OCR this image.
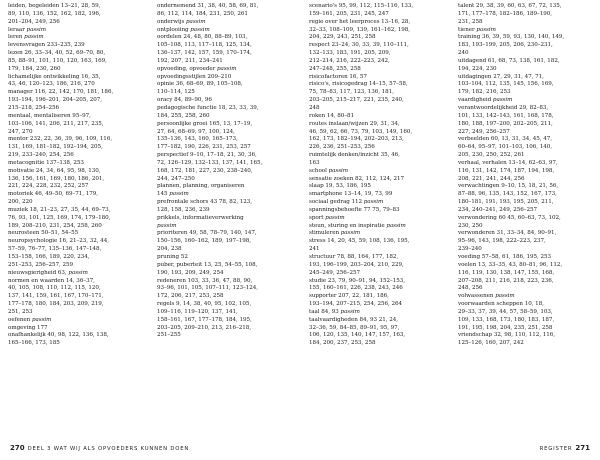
leiden, begeleiden 13–21, 28, 59,
89, 110, 136, 152, 162, 182, 196,
201–204, 249, 256
leraar passim
leren passim
levensvragen 233–235, 239
lezen 26, 33–34, 40, 52, 69–70, 80,
85, 88–91, 101, 110, 120, 163, 169,
179, 184, 230, 260
lichamelijke ontwikkeling 16, 35,
43, 46, 120–123, 186, 216, 270
manager 116, 22, 142, 170, 181, 186,
193–194, 196–201, 204–205, 207,
215–218, 254–256
mentaal, mentaliseren 95–97,
103–106, 141, 206, 211, 217, 235,
247, 270
mentor 232, 22, 36, 39, 96, 109, 116,
131, 169, 181–182, 192–194, 205,
219, 233–240, 254, 256
metacognitie 137–138, 253
motivatie 24, 34, 64, 95, 98, 130,
136, 156, 161, 169, 180, 186, 201,
221, 224, 228, 232, 252, 257
motoriek 46, 49–50, 69–71, 179,
200, 220
muziek 18, 21–23, 27, 35, 44, 69–73,
76, 93, 101, 125, 169, 174, 179–180,
189, 208–210, 231, 254, 258, 260
neurosteen 50–51, 54–55
neuropsychologie 16, 21–23, 32, 44,
57–59, 76–77, 135–136, 147–148,
153–158, 166, 189, 220, 234,
251–253, 256–257, 259
nieuwsgierigheid 63, passim
normen en waarden 14, 36–37,
40, 105, 108, 110, 112, 115, 120,
137, 141, 159, 161, 167, 170–171,
177–178, 180, 184, 203, 209, 219,
251, 253
oefenen passim
omgeving 177
onafhankelijk 40, 98, 122, 136, 138,
165–166, 173, 185
ondernemend 31, 38, 40, 58, 69, 81,
86, 112, 114, 184, 231, 250, 261
onderwijs passim
ontplooiing passim
oordelen 24, 48, 80, 88–89, 103,
105–108, 113, 117–118, 125, 134,
136–137, 142, 157, 159, 170–174,
192, 207, 211, 234–241
opvoeding, opvoeder passim
opvoedingsstijlen 209–210
opinie 36, 68–69, 89, 105–108,
110–114, 125
oracy 84, 89–90, 96
pedagogische functie 18, 23, 33, 39,
184, 255, 258, 260
persoonlijke groei 165, 13, 17–19,
27, 64, 68–69, 97, 100, 124,
135–136, 143, 160, 165–173,
177–182, 190, 226, 231, 253, 257
perspectief 9–10, 17–18, 21, 30, 36,
72, 126–129, 132–133, 137, 141, 165,
168, 172, 181, 227, 230, 238–240,
244, 247–250
plannen, planning, organiseren
145 passim
prefrontale schors 43 78, 82, 123,
128, 158, 236, 239
prikkels, informatieverwerking
passim
prioriteren 49, 58, 78–79, 140, 147,
150–156, 160–162, 189, 197–198,
204, 238
pruning 52
puber, puberteit 13, 25, 54–55, 108,
190, 193, 209, 249, 254
redeneren 103, 33, 36, 47, 88, 90,
93–96, 101, 105, 107–111, 123–124,
172, 206, 217, 253, 258
regels 9, 14, 38, 40, 95, 102, 105,
109–116, 119–120, 137, 141,
158–161, 167, 177–178, 184, 195,
203–205, 209–210, 213, 216–218,
251–255
scenario's 95, 99, 112, 115–116, 133,
159–161, 205, 231, 245, 247
regie over het leerproces 13–16, 28,
32–33, 108–109, 139, 161–162, 198,
204, 229, 243, 251, 258
respect 23–24, 30, 33, 39, 110–111,
132–133, 183, 191, 205, 209,
212–214, 216, 222–223, 242,
247–248, 255, 258
risicofactoren 16, 57
risico's, risicogedrag 14–15, 57–58,
75, 78–83, 117, 123, 136, 181,
203–205, 215–217, 221, 235, 240,
248
roken 14, 80–81
routes inslaan/wijzen 29, 31, 34,
46, 59, 62, 66, 73, 79, 103, 149, 160,
162, 173, 182–194, 202–203, 213,
226, 236, 251–253, 256
ruimtelijk denken/inzicht 35, 46,
163
school passim
sensatie zoeken 82, 112, 124, 217
slaap 19, 53, 186, 195
smartphone 13–14, 19, 73, 99
sociaal gedrag 112 passim
spanningsbehoefte 77 75, 79–83
sport passim
steun, sturing en inspiratie passim
stimuleren passim
stress 14, 20, 45, 59, 108, 136, 195,
241
structuur 78, 88, 164, 177, 182,
193, 196–199, 203–204, 210, 229,
245–249, 256–257
studie 23, 79, 90–91, 94, 152–153,
155, 160–161, 226, 238, 243, 246
supporter 207, 22, 181, 186,
193–194, 207–215, 254, 256, 264
taal 84, 93 passim
taalvaardigheden 84, 93 21, 24,
32–36, 59, 84–85, 89–91, 95, 97,
106, 120, 135, 140, 147, 157, 163,
184, 200, 237, 253, 258
talent 29, 38, 39, 60, 63, 67, 72, 135,
171, 177–178, 182–186, 189–190,
231, 258
tiener passim
training 36, 39, 59, 93, 130, 140, 149,
183, 193–199, 205, 206, 230–231,
240
uitdagend 61, 68, 73, 138, 161, 182,
194, 224, 230
uitdagingen 27, 29, 31, 47, 71,
103–104, 112, 135, 145, 156, 169,
179, 182, 216, 253
vaardigheid passim
verantwoordelijkheid 29, 82–83,
101, 133, 142–143, 161, 168, 178,
180, 188, 197–200, 202–205, 211,
227, 249, 256–257
verbeelden 60, 13, 31, 34, 45, 47,
60–64, 95–97, 101–103, 106, 140,
205, 230, 250, 252, 261
verhaal, verhalen 13–14, 62–63, 97,
116, 131, 142, 174, 187, 194, 198,
208, 221, 241, 244, 256
verwachtingen 9–10, 15, 18, 21, 56,
87–88, 96, 135, 143, 152, 167, 173,
180–181, 191, 193, 195, 205, 211,
234, 240–241, 249, 256–257
verwondering 60 45, 60–63, 73, 102,
230, 250
verwonderen 31, 33–34, 84, 90–91,
95–96, 143, 198, 222–223, 237,
239–240
voeding 57–58, 61, 186, 195, 253
voelen 13, 33–35, 43, 80–81, 96, 112,
116, 119, 130, 138, 147, 155, 168,
207–208, 211, 216, 218, 223, 236,
248, 256
volwassenen passim
voorwaarden scheppen 10, 18,
29–33, 37, 39, 44, 57, 58–59, 103,
109, 133, 168, 173, 180, 183, 187,
191, 195, 198, 204, 235, 251, 258
vriendschap 32, 98, 110, 112, 116,
125–126, 160, 207, 242
270 DEEL 3 WAT WIJ ALS OPVOEDERS KUNNEN DOEN	REGISTER 271
